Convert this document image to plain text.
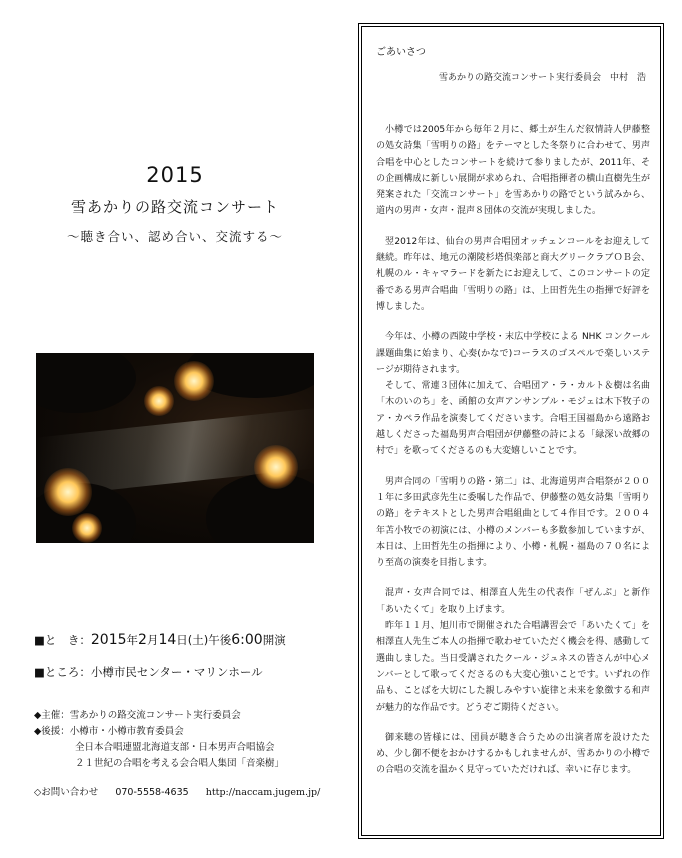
2015
雪あかりの路交流コンサート
～聴き合い、認め合い、交流する～
■と　き：2015年2月14日(土)午後6:00開演
■ところ：小樽市民センター・マリンホール
◆主催：雪あかりの路交流コンサート実行委員会
◆後援：小樽市・小樽市教育委員会
全日本合唱連盟北海道支部・日本男声合唱協会
２１世紀の合唱を考える会合唱人集団「音楽樹」
◇お問い合わせ 070-5558-4635 http://naccam.jugem.jp/
ごあいさつ
雪あかりの路交流コンサート実行委員会　中村　浩

小樽では2005年から毎年２月に、郷土が生んだ叙情詩人伊藤整の処女詩集「雪明りの路」をテーマとした冬祭りに合わせて、男声合唱を中心としたコンサートを続けて参りましたが、2011年、その企画構成に新しい展開が求められ、合唱指揮者の横山直樹先生が発案された「交流コンサート」を雪あかりの路でという試みから、道内の男声・女声・混声８団体の交流が実現しました。

翌2012年は、仙台の男声合唱団オッチェンコールをお迎えして継続。昨年は、地元の潮陵杉塔倶楽部と商大グリークラブＯＢ会、札幌のル・キャマラードを新たにお迎えして、このコンサートの定番である男声合唱曲「雪明りの路」は、上田哲先生の指揮で好評を博しました。

今年は、小樽の西陵中学校・末広中学校による NHK コンクール課題曲集に始まり、心奏(かなで)コーラスのゴスペルで楽しいステージが期待されます。

そして、常連３団体に加えて、合唱団ア・ラ・カルト＆樹は名曲「木のいのち」を、函館の女声アンサンブル・モジェは木下牧子のア・カペラ作品を演奏してくださいます。合唱王国福島から遠路お越しくださった福島男声合唱団が伊藤整の詩による「緑深い故郷の村で」を歌ってくださるのも大変嬉しいことです。

男声合同の「雪明りの路・第二」は、北海道男声合唱祭が２００１年に多田武彦先生に委嘱した作品で、伊藤整の処女詩集「雪明りの路」をテキストとした男声合唱組曲として４作目です。２００４年苫小牧での初演には、小樽のメンバーも多数参加していますが、本日は、上田哲先生の指揮により、小樽・札幌・福島の７０名により至高の演奏を目指します。

混声・女声合同では、相澤直人先生の代表作「ぜんぶ」と新作「あいたくて」を取り上げます。

昨年１１月、旭川市で開催された合唱講習会で「あいたくて」を相澤直人先生ご本人の指揮で歌わせていただく機会を得、感動して選曲しました。当日受講されたクール・ジュネスの皆さんが中心メンバーとして歌ってくださるのも大変心強いことです。いずれの作品も、ことばを大切にした親しみやすい旋律と未来を象徴する和声が魅力的な作品です。どうぞご期待ください。

御来聴の皆様には、団員が聴き合うための出演者席を設けたため、少し御不便をおかけするかもしれませんが、雪あかりの小樽での合唱の交流を温かく見守っていただければ、幸いに存じます。
